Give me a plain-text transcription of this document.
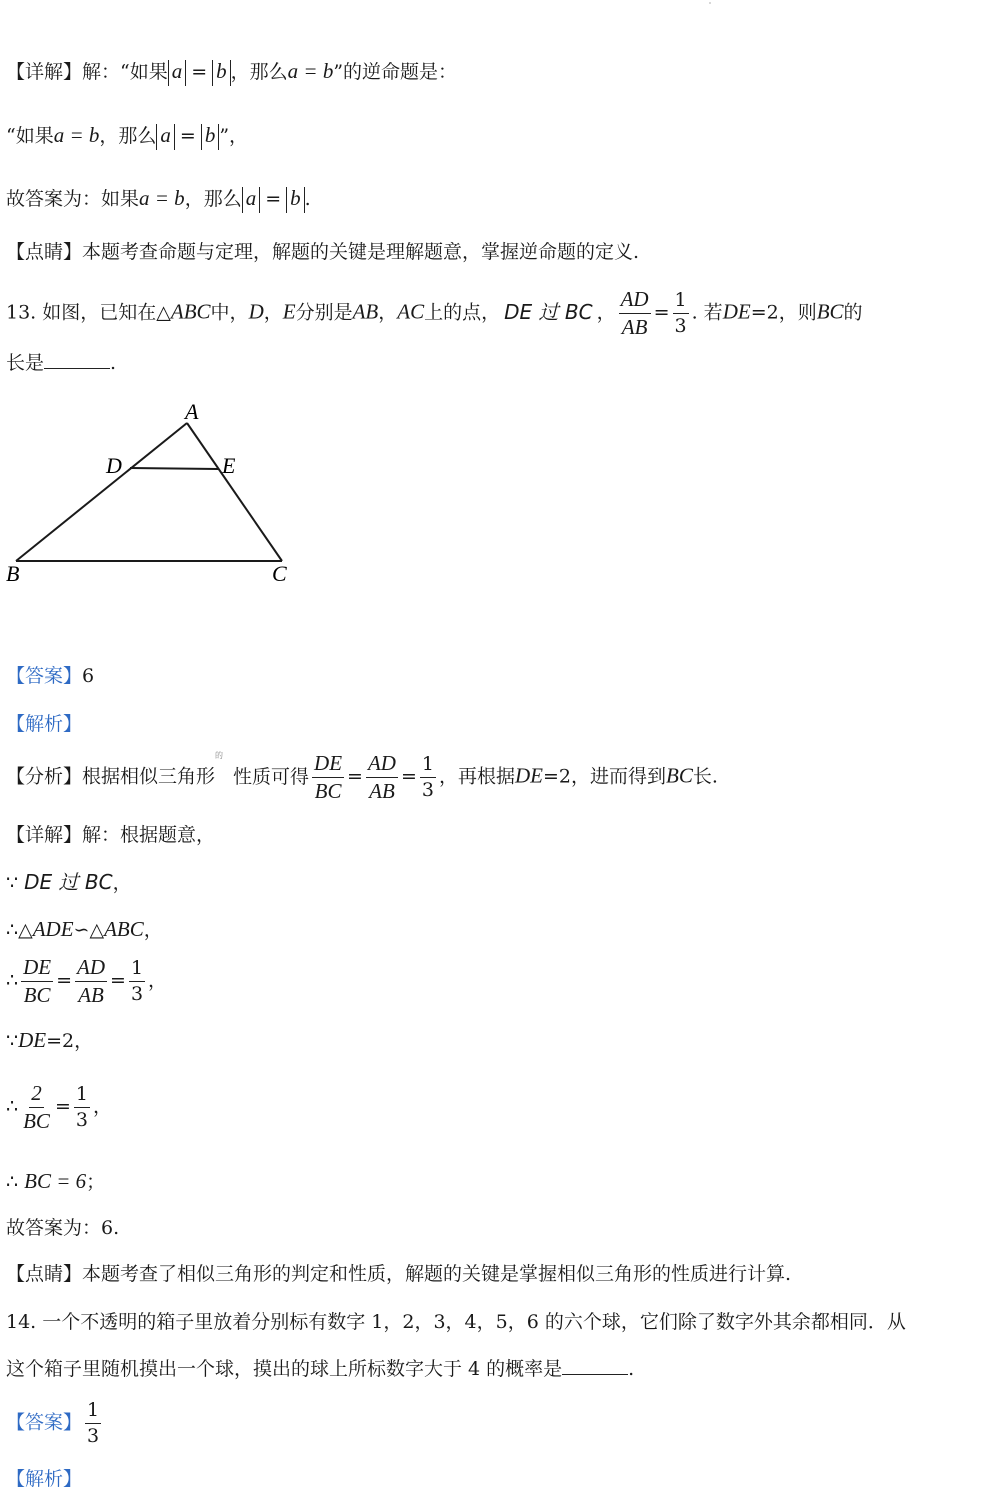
【详解】解：“如果 a = b ，那么a = b”的逆命题是：
“如果a = b，那么 a = b ”，
故答案为：如果a = b，那么 a = b .
【点睛】本题考查命题与定理，解题的关键是理解题意，掌握逆命题的定义.
13. 如图，已知在△ABC中，D，E分别是AB，AC上的点， DE 过 BC ， $\frac{AD}{AB} = \frac{1}{3}$ . 若DE=2，则BC的
长是	.
A
D	E
B	C
【答案】6
【解析】
【分析】根据相似三角形$^的$性质可得 $\frac{DE}{BC} = \frac{AD}{AB} = \frac{1}{3}$ ，再根据DE=2，进而得到BC长.
【详解】解：根据题意，
∵ DE 过 BC，
∴△ADE∽△ABC，
∴ $\frac{DE}{BC} = \frac{AD}{AB} = \frac{1}{3}$ ，
∵DE=2，
∴ $\frac{2}{BC} = \frac{1}{3}$ ，
∴ BC = 6；
故答案为：6.
【点睛】本题考查了相似三角形的判定和性质，解题的关键是掌握相似三角形的性质进行计算.
14. 一个不透明的箱子里放着分别标有数字 1，2，3，4，5，6 的六个球，它们除了数字外其余都相同．从
这个箱子里随机摸出一个球，摸出的球上所标数字大于 4 的概率是	.
【答案】 $\frac{1}{3}$
【解析】
